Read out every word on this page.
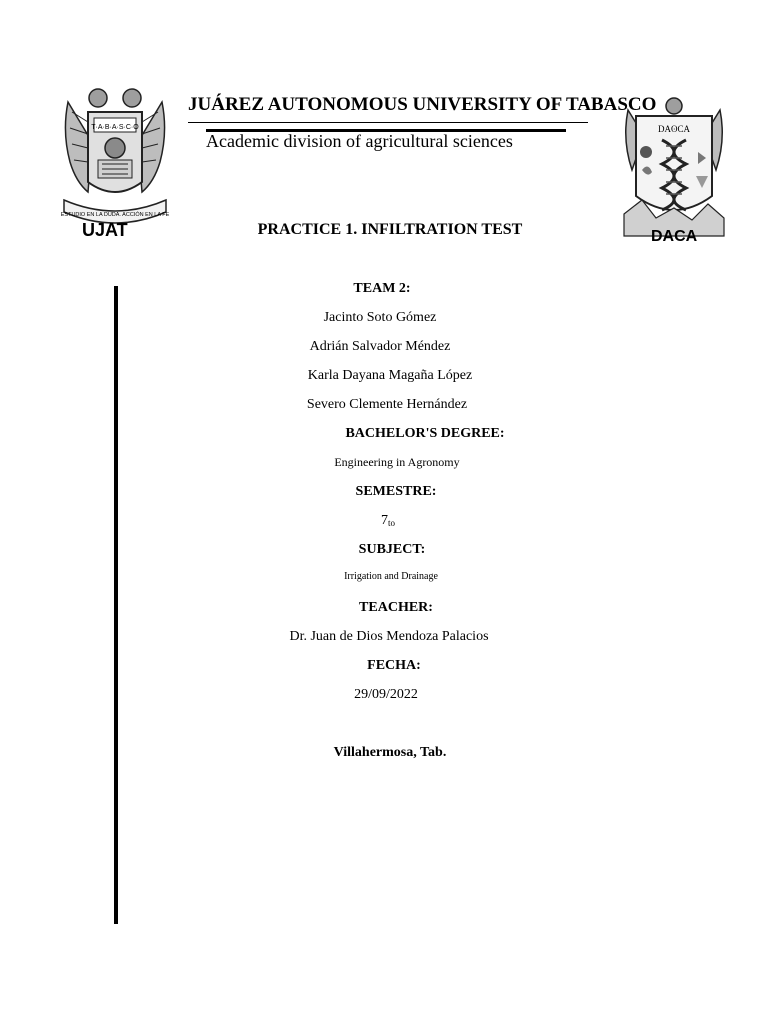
T·A·B·A·S·C·O
ESTUDIO EN LA DUDA. ACCIÓN EN LA FE
DAʘCA
JUÁREZ AUTONOMOUS UNIVERSITY OF TABASCO
Academic division of agricultural sciences
UJAT	DACA
PRACTICE 1. INFILTRATION TEST
TEAM 2:
Jacinto Soto Gómez
Adrián Salvador Méndez
Karla Dayana Magaña López
Severo Clemente Hernández
BACHELOR'S DEGREE:
Engineering in Agronomy
SEMESTRE:
$7_{to}$
SUBJECT:
Irrigation and Drainage
TEACHER:
Dr. Juan de Dios Mendoza Palacios
FECHA:
29/09/2022
Villahermosa, Tab.
